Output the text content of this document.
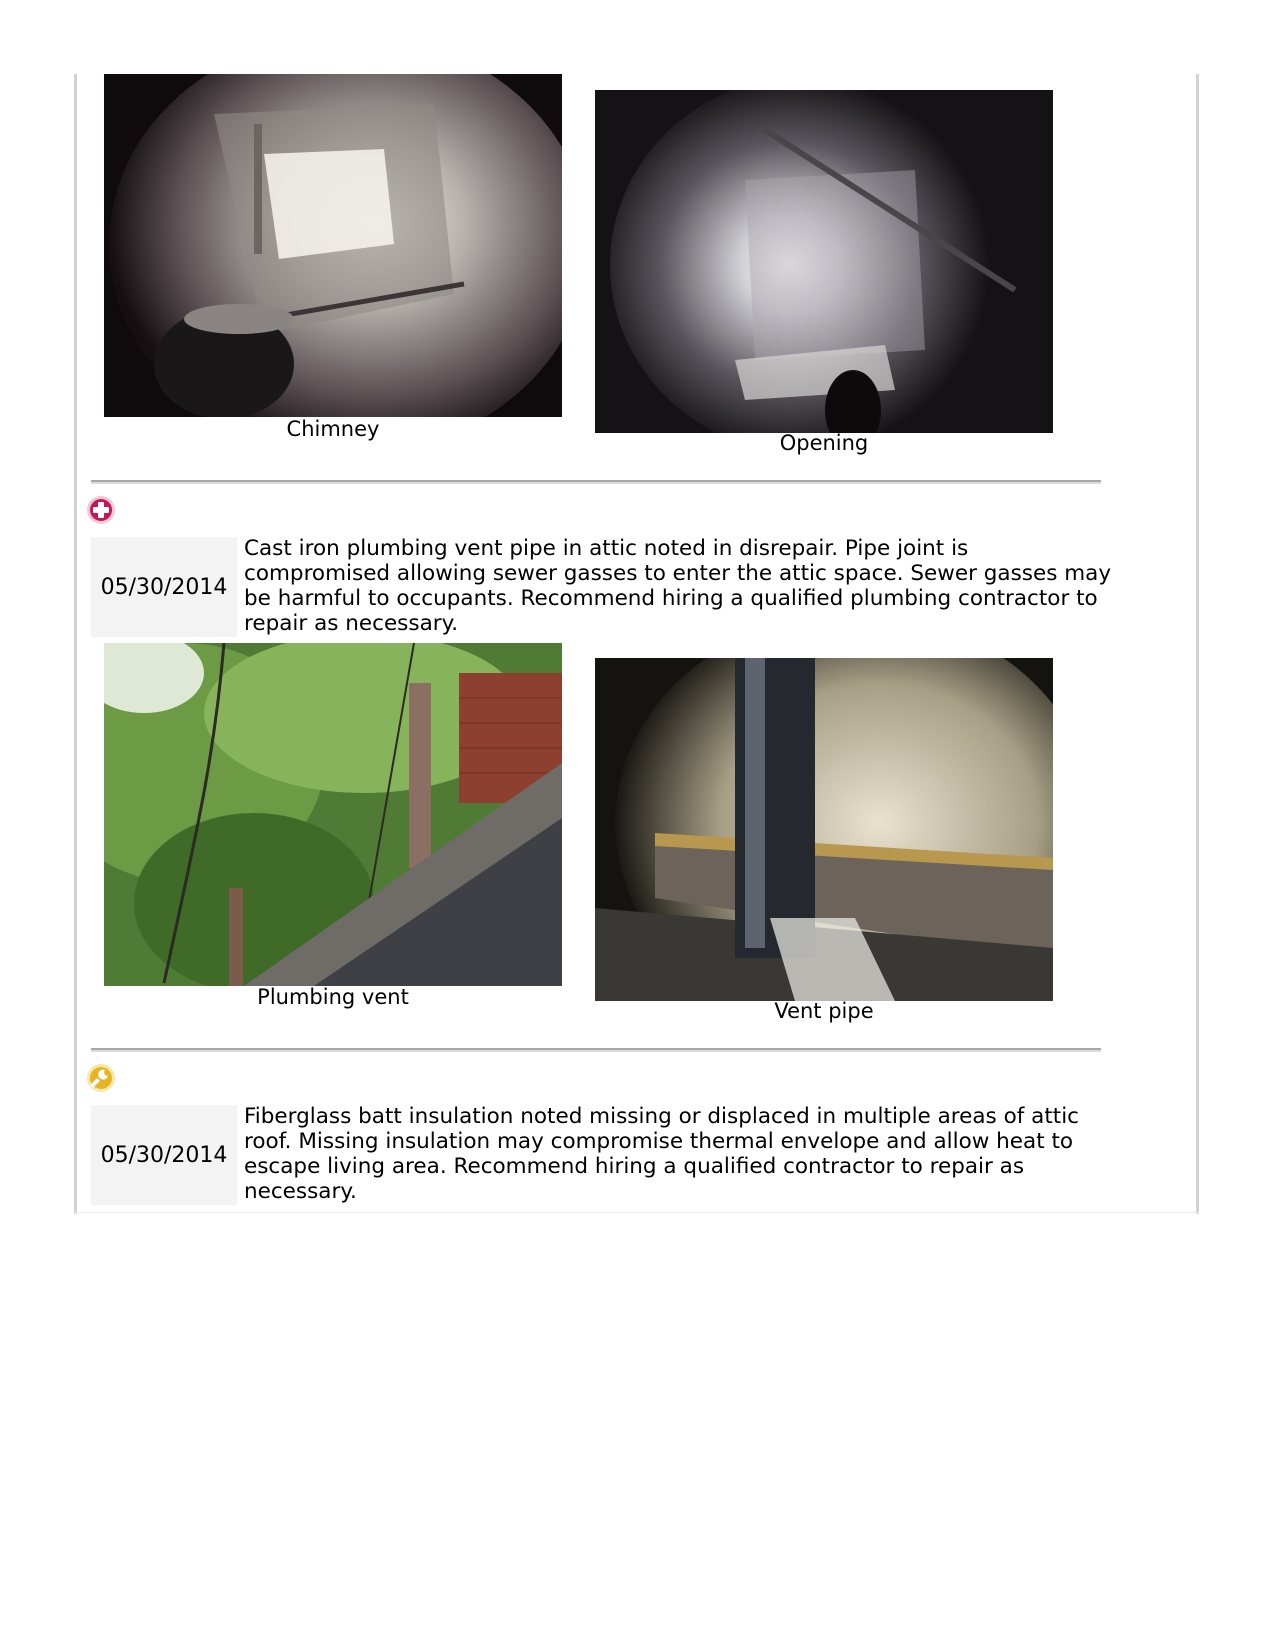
Chimney
Opening
05/30/2014
Cast iron plumbing vent pipe in attic noted in disrepair. Pipe joint is compromised allowing sewer gasses to enter the attic space. Sewer gasses may be harmful to occupants. Recommend hiring a qualified plumbing contractor to repair as necessary.
Plumbing vent
Vent pipe
05/30/2014
Fiberglass batt insulation noted missing or displaced in multiple areas of attic roof. Missing insulation may compromise thermal envelope and allow heat to escape living area. Recommend hiring a qualified contractor to repair as necessary.
